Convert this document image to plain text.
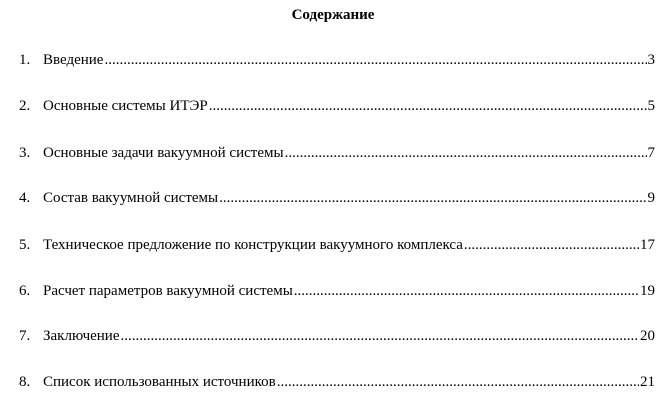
Содержание
1. Введение .....	3
2. Основные системы ИТЭР .....	5
3. Основные задачи вакуумной системы .....	7
4. Состав вакуумной системы .....	9
5. Техническое предложение по конструкции вакуумного комплекса .....	17
6. Расчет параметров вакуумной системы .....	19
7. Заключение .....	20
8. Список использованных источников .....	21
